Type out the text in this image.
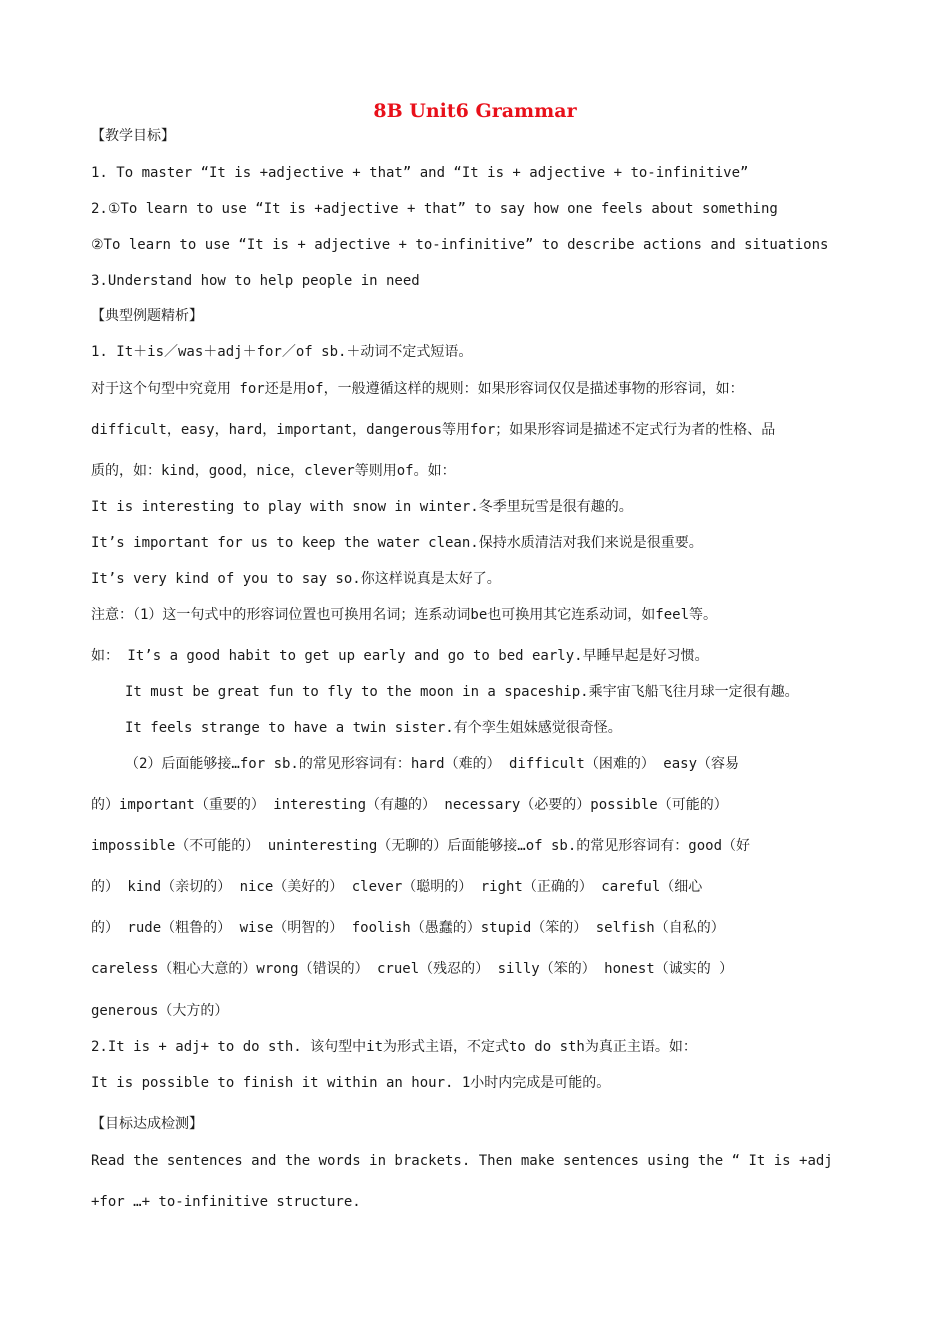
8B Unit6 Grammar
【教学目标】
1. To master “It is +adjective + that” and “It is + adjective + to-infinitive”
2.①To learn to use “It is +adjective + that” to say how one feels about something
②To learn to use “It is + adjective + to-infinitive” to describe actions and situations
3.Understand how to help people in need
【典型例题精析】
1. It＋is／was＋adj＋for／of sb.＋动词不定式短语。
对于这个句型中究竟用 for还是用of，一般遵循这样的规则：如果形容词仅仅是描述事物的形容词，如：
difficult，easy，hard，important，dangerous等用for；如果形容词是描述不定式行为者的性格、品
质的，如：kind，good，nice，clever等则用of。如：
It is interesting to play with snow in winter.冬季里玩雪是很有趣的。
It’s important for us to keep the water clean.保持水质清洁对我们来说是很重要。
It’s very kind of you to say so.你这样说真是太好了。
注意：（1）这一句式中的形容词位置也可换用名词；连系动词be也可换用其它连系动词，如feel等。
如： It’s a good habit to get up early and go to bed early.早睡早起是好习惯。
It must be great fun to fly to the moon in a spaceship.乘宇宙飞船飞往月球一定很有趣。
It feels strange to have a twin sister.有个孪生姐妹感觉很奇怪。
（2）后面能够接…for sb.的常见形容词有：hard（难的） difficult（困难的） easy（容易
的）important（重要的） interesting（有趣的） necessary（必要的）possible（可能的）
impossible（不可能的） uninteresting（无聊的）后面能够接…of sb.的常见形容词有：good（好
的） kind（亲切的） nice（美好的） clever（聪明的） right（正确的） careful（细心
的） rude（粗鲁的） wise（明智的） foolish（愚蠢的）stupid（笨的） selfish（自私的）
careless（粗心大意的）wrong（错误的） cruel（残忍的） silly（笨的） honest（诚实的 ）
generous（大方的）
2.It is + adj+ to do sth. 该句型中it为形式主语，不定式to do sth为真正主语。如：
It is possible to finish it within an hour. 1小时内完成是可能的。
【目标达成检测】
Read the sentences and the words in brackets. Then make sentences using the “ It is +adj
+for …+ to-infinitive structure.
